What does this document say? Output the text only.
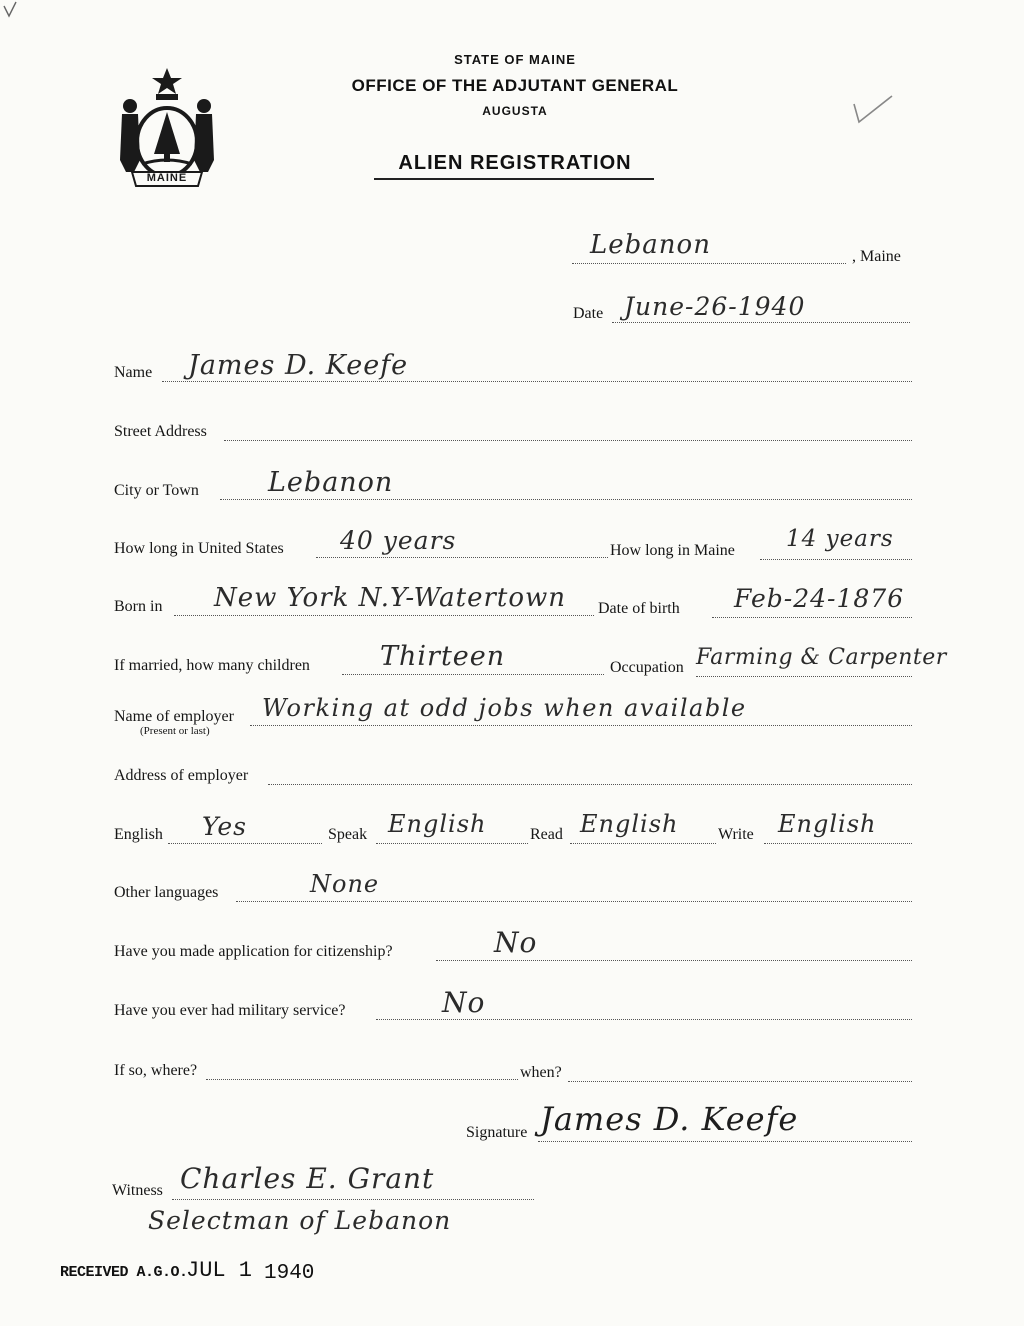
MAINE
STATE OF MAINE
OFFICE OF THE ADJUTANT GENERAL
AUGUSTA
ALIEN REGISTRATION
Lebanon	, Maine
Date June-26-1940
Name James D. Keefe
Street Address
City or Town	Lebanon
How long in United States 40 years	How long in Maine 14 years
Born in New York N.Y-Watertown Date of birth Feb-24-1876
If married, how many children	Thirteen	Occupation Farming & Carpenter
Name of employer
(Present or last)
Working at odd jobs when available
Address of employer
English Yes	Speak English	Read English Write English
Other languages	None
Have you made application for citizenship?	No
Have you ever had military service?	No
If so, where?	when?
Signature James D. Keefe
Witness Charles E. Grant
Selectman of Lebanon
RECEIVED A.G.O.
JUL 1 1940
